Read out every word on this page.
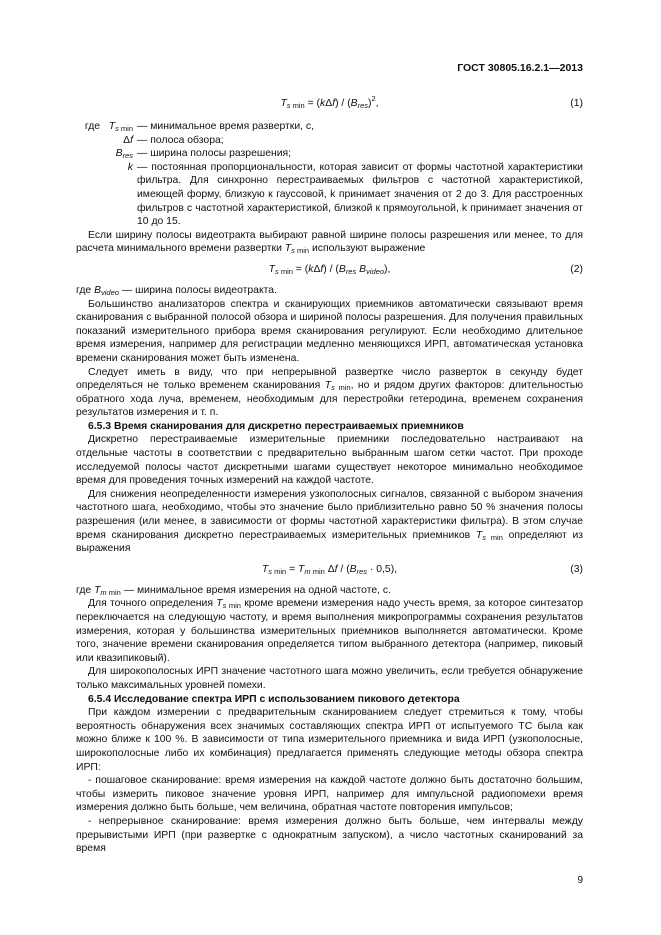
ГОСТ 30805.16.2.1—2013
$T_{s min} = (k\Delta f) / (B_{res})^2$,	(1)
где $T_{s min}$ — минимальное время развертки, с,
Δf — полоса обзора;
$B_{res}$ — ширина полосы разрешения;
k — постоянная пропорциональности, которая зависит от формы частотной характеристики фильтра. Для синхронно перестраиваемых фильтров с частотной характеристикой, имеющей форму, близкую к гауссовой, k принимает значения от 2 до 3. Для расстроенных фильтров с частотной характеристикой, близкой к прямоугольной, k принимает значения от 10 до 15.

Если ширину полосы видеотракта выбирают равной ширине полосы разрешения или менее, то для расчета минимального времени развертки $T_{s min}$ используют выражение

$T_{s min} = (k\Delta f) / (B_{res}$ $B_{video}$),	(2)

где $B_{video}$ — ширина полосы видеотракта.

Большинство анализаторов спектра и сканирующих приемников автоматически связывают время сканирования с выбранной полосой обзора и шириной полосы разрешения. Для получения правильных показаний измерительного прибора время сканирования регулируют. Если необходимо длительное время измерения, например для регистрации медленно меняющихся ИРП, автоматическая установка времени сканирования может быть изменена.

Следует иметь в виду, что при непрерывной развертке число разверток в секунду будет определяться не только временем сканирования $T_{s min}$, но и рядом других факторов: длительностью обратного хода луча, временем, необходимым для перестройки гетеродина, временем сохранения результатов измерения и т. п.

6.5.3 Время сканирования для дискретно перестраиваемых приемников

Дискретно перестраиваемые измерительные приемники последовательно настраивают на отдельные частоты в соответствии с предварительно выбранным шагом сетки частот. При проходе исследуемой полосы частот дискретными шагами существует некоторое минимально необходимое время для проведения точных измерений на каждой частоте.

Для снижения неопределенности измерения узкополосных сигналов, связанной с выбором значения частотного шага, необходимо, чтобы это значение было приблизительно равно 50 % значения полосы разрешения (или менее, в зависимости от формы частотной характеристики фильтра). В этом случае время сканирования дискретно перестраиваемых измерительных приемников $T_{s min}$ определяют из выражения

$T_{s min} = T_{m min}$ $\Delta f / (B_{res} \cdot 0,5)$,	(3)

где $T_{m min}$ — минимальное время измерения на одной частоте, с.

Для точного определения $T_{s min}$ кроме времени измерения надо учесть время, за которое синтезатор переключается на следующую частоту, и время выполнения микропрограммы сохранения результатов измерения, которая у большинства измерительных приемников выполняется автоматически. Кроме того, значение времени сканирования определяется типом выбранного детектора (например, пиковый или квазипиковый).

Для широкополосных ИРП значение частотного шага можно увеличить, если требуется обнаружение только максимальных уровней помехи.

6.5.4 Исследование спектра ИРП с использованием пикового детектора

При каждом измерении с предварительным сканированием следует стремиться к тому, чтобы вероятность обнаружения всех значимых составляющих спектра ИРП от испытуемого ТС была как можно ближе к 100 %. В зависимости от типа измерительного приемника и вида ИРП (узкополосные, широкополосные либо их комбинация) предлагается применять следующие методы обзора спектра ИРП:

- пошаговое сканирование: время измерения на каждой частоте должно быть достаточно большим, чтобы измерить пиковое значение уровня ИРП, например для импульсной радиопомехи время измерения должно быть больше, чем величина, обратная частоте повторения импульсов;

- непрерывное сканирование: время измерения должно быть больше, чем интервалы между прерывистыми ИРП (при развертке с однократным запуском), а число частотных сканирований за время

9
